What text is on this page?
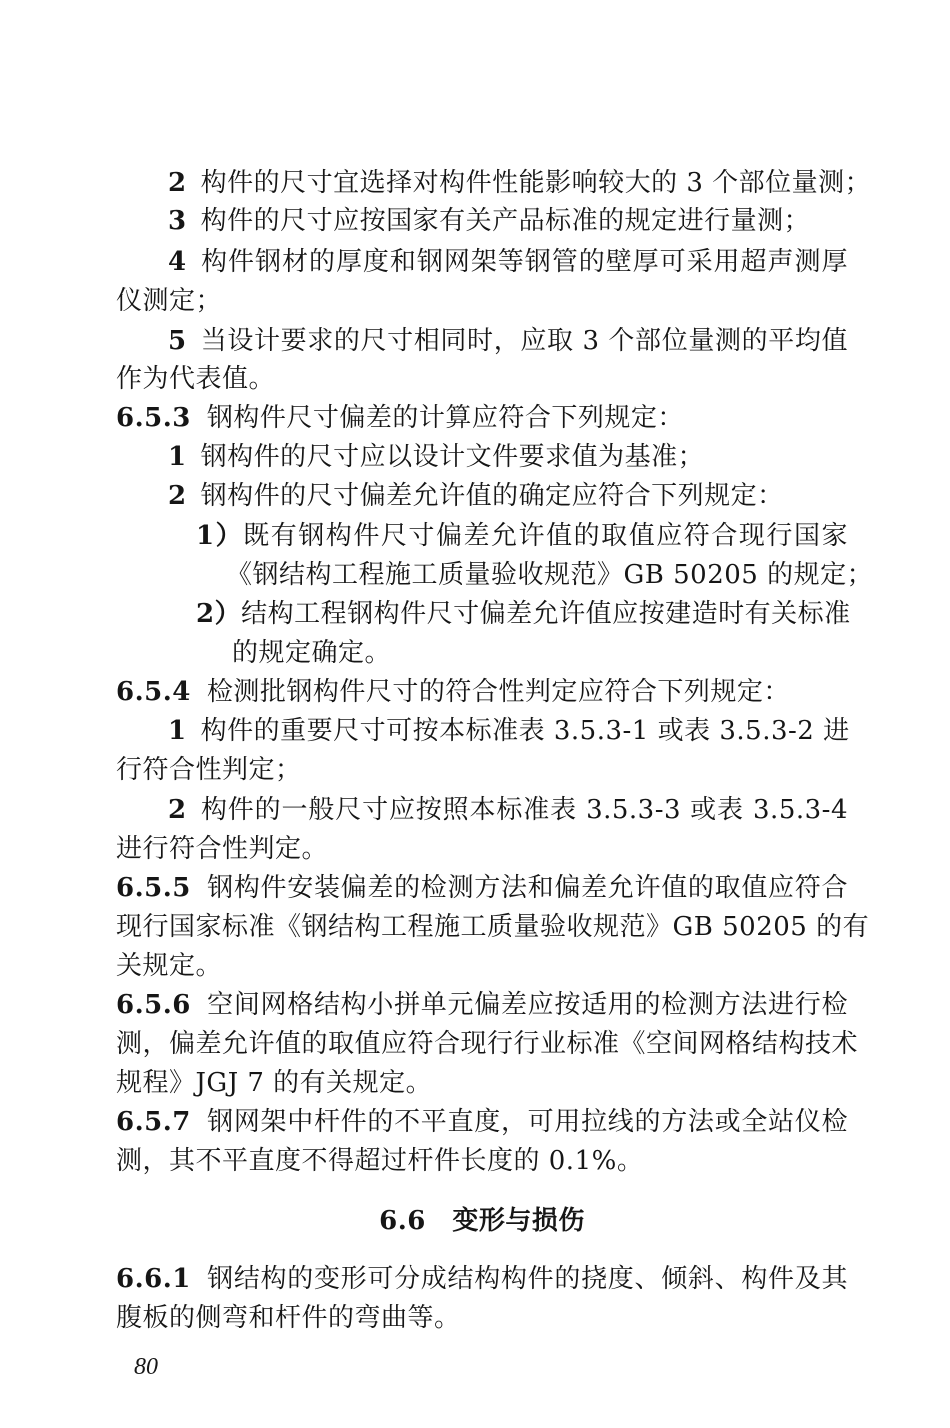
2 构件的尺寸宜选择对构件性能影响较大的 3 个部位量测；
3 构件的尺寸应按国家有关产品标准的规定进行量测；
4 构件钢材的厚度和钢网架等钢管的壁厚可采用超声测厚
仪测定；
5 当设计要求的尺寸相同时，应取 3 个部位量测的平均值
作为代表值。
6.5.3 钢构件尺寸偏差的计算应符合下列规定：
1 钢构件的尺寸应以设计文件要求值为基准；
2 钢构件的尺寸偏差允许值的确定应符合下列规定：
1）既有钢构件尺寸偏差允许值的取值应符合现行国家
《钢结构工程施工质量验收规范》GB 50205 的规定；
2）结构工程钢构件尺寸偏差允许值应按建造时有关标准
的规定确定。
6.5.4 检测批钢构件尺寸的符合性判定应符合下列规定：
1 构件的重要尺寸可按本标准表 3.5.3-1 或表 3.5.3-2 进
行符合性判定；
2 构件的一般尺寸应按照本标准表 3.5.3-3 或表 3.5.3-4
进行符合性判定。
6.5.5 钢构件安装偏差的检测方法和偏差允许值的取值应符合
现行国家标准《钢结构工程施工质量验收规范》GB 50205 的有
关规定。
6.5.6 空间网格结构小拼单元偏差应按适用的检测方法进行检
测，偏差允许值的取值应符合现行行业标准《空间网格结构技术
规程》JGJ 7 的有关规定。
6.5.7 钢网架中杆件的不平直度，可用拉线的方法或全站仪检
测，其不平直度不得超过杆件长度的 0.1%。
6.6　变形与损伤
6.6.1 钢结构的变形可分成结构构件的挠度、倾斜、构件及其
腹板的侧弯和杆件的弯曲等。
80
